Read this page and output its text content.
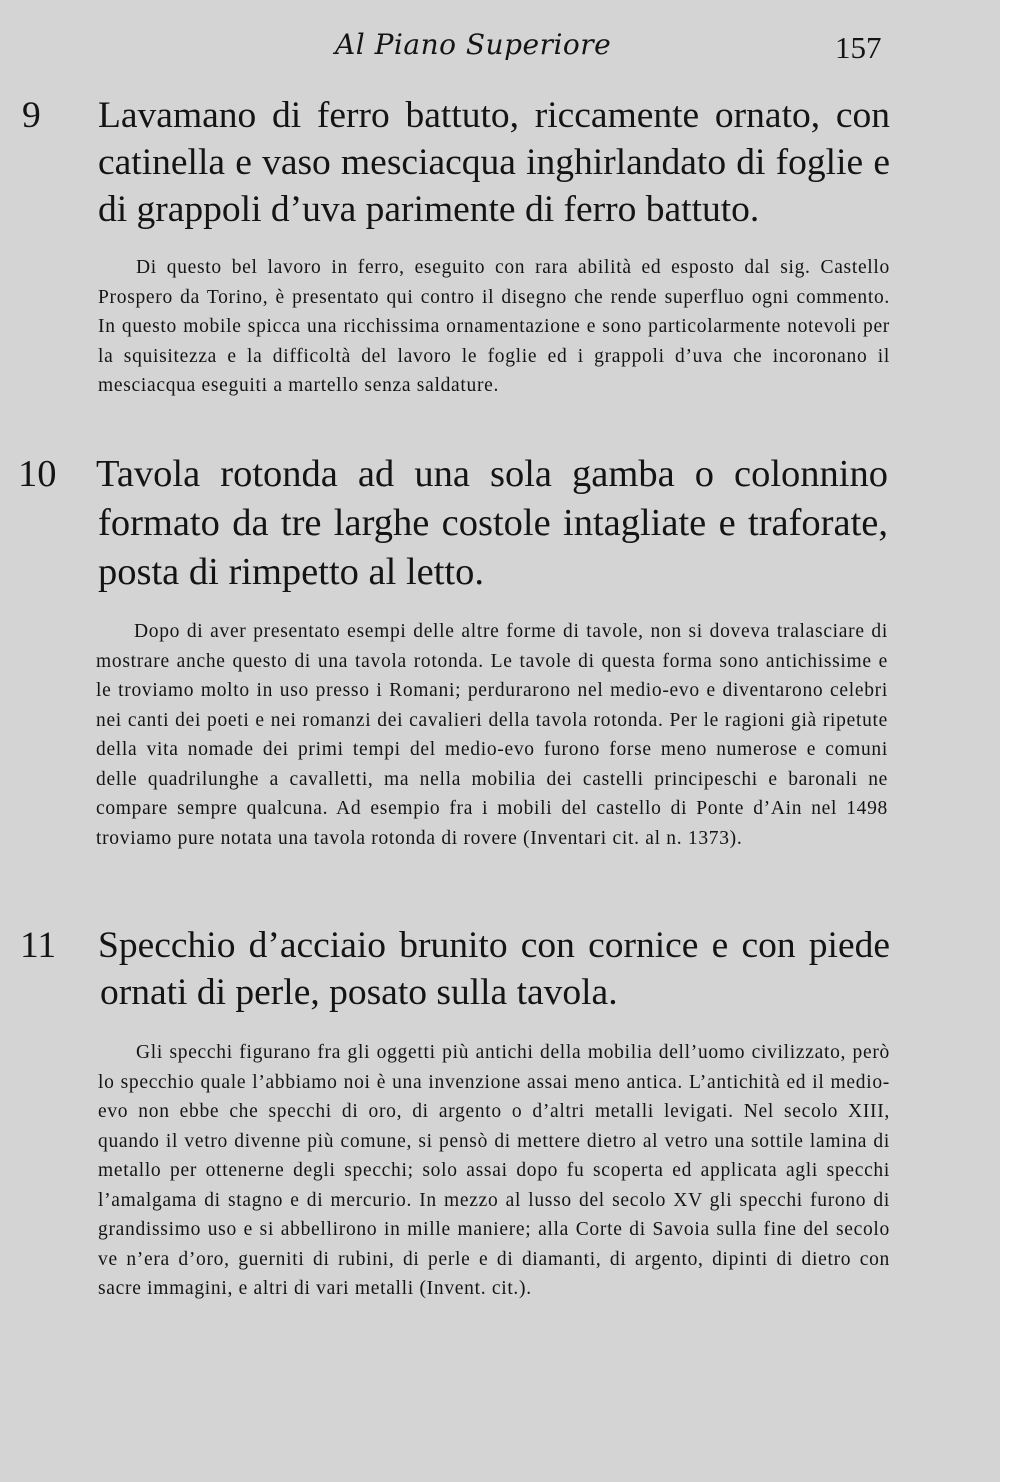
Al Piano Superiore	157

9 Lavamano di ferro battuto, riccamente ornato, con catinella e vaso mesciacqua inghirlandato di foglie e di grappoli d’uva parimente di ferro battuto.

Di questo bel lavoro in ferro, eseguito con rara abilità ed esposto dal sig. Castello Prospero da Torino, è presentato qui contro il disegno che rende superfluo ogni commento. In questo mobile spicca una ricchissima ornamentazione e sono particolarmente notevoli per la squisitezza e la difficoltà del lavoro le foglie ed i grappoli d’uva che incoronano il mesciacqua eseguiti a martello senza saldature.

10 Tavola rotonda ad una sola gamba o colonnino formato da tre larghe costole intagliate e traforate, posta di rimpetto al letto.

Dopo di aver presentato esempi delle altre forme di tavole, non si doveva tralasciare di mostrare anche questo di una tavola rotonda. Le tavole di questa forma sono antichissime e le troviamo molto in uso presso i Romani; perdurarono nel medio-evo e diventarono celebri nei canti dei poeti e nei romanzi dei cavalieri della tavola rotonda. Per le ragioni già ripetute della vita nomade dei primi tempi del medio-evo furono forse meno numerose e comuni delle quadrilunghe a cavalletti, ma nella mobilia dei castelli principeschi e baronali ne compare sempre qualcuna. Ad esempio fra i mobili del castello di Ponte d’Ain nel 1498 troviamo pure notata una tavola rotonda di rovere (Inventari cit. al n. 1373).

11 Specchio d’acciaio brunito con cornice e con piede ornati di perle, posato sulla tavola.

Gli specchi figurano fra gli oggetti più antichi della mobilia dell’uomo civilizzato, però lo specchio quale l’abbiamo noi è una invenzione assai meno antica. L’antichità ed il medio-evo non ebbe che specchi di oro, di argento o d’altri metalli levigati. Nel secolo XIII, quando il vetro divenne più comune, si pensò di mettere dietro al vetro una sottile lamina di metallo per ottenerne degli specchi; solo assai dopo fu scoperta ed applicata agli specchi l’amalgama di stagno e di mercurio. In mezzo al lusso del secolo XV gli specchi furono di grandissimo uso e si abbellirono in mille maniere; alla Corte di Savoia sulla fine del secolo ve n’era d’oro, guerniti di rubini, di perle e di diamanti, di argento, dipinti di dietro con sacre immagini, e altri di vari metalli (Invent. cit.).
